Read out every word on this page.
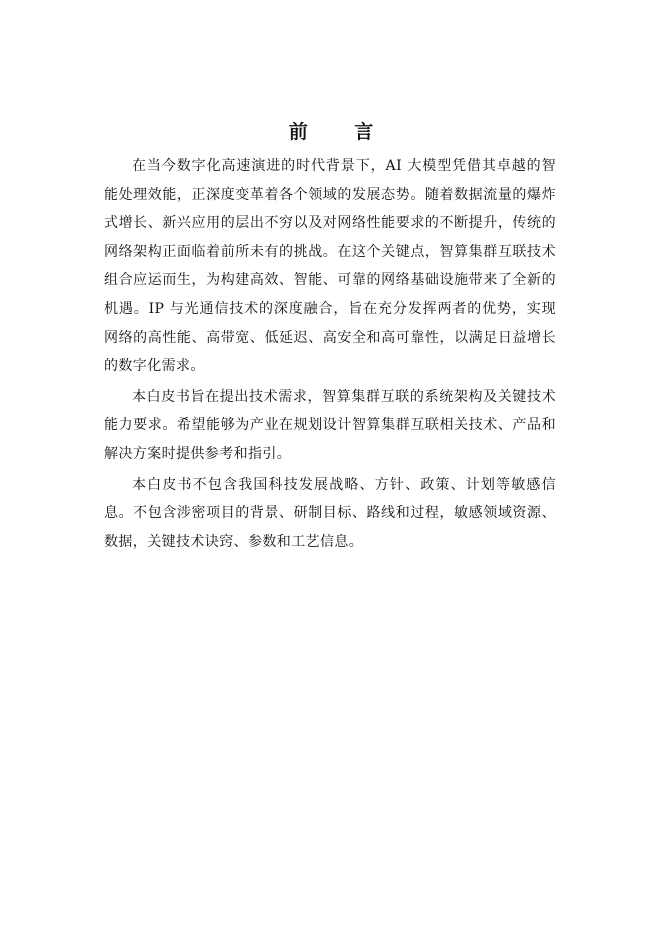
前 言

在当今数字化高速演进的时代背景下，AI 大模型凭借其卓越的智能处理效能，正深度变革着各个领域的发展态势。随着数据流量的爆炸式增长、新兴应用的层出不穷以及对网络性能要求的不断提升，传统的网络架构正面临着前所未有的挑战。在这个关键点，智算集群互联技术组合应运而生，为构建高效、智能、可靠的网络基础设施带来了全新的机遇。IP 与光通信技术的深度融合，旨在充分发挥两者的优势，实现网络的高性能、高带宽、低延迟、高安全和高可靠性，以满足日益增长的数字化需求。

本白皮书旨在提出技术需求，智算集群互联的系统架构及关键技术能力要求。希望能够为产业在规划设计智算集群互联相关技术、产品和解决方案时提供参考和指引。

本白皮书不包含我国科技发展战略、方针、政策、计划等敏感信息。不包含涉密项目的背景、研制目标、路线和过程，敏感领域资源、数据，关键技术诀窍、参数和工艺信息。
